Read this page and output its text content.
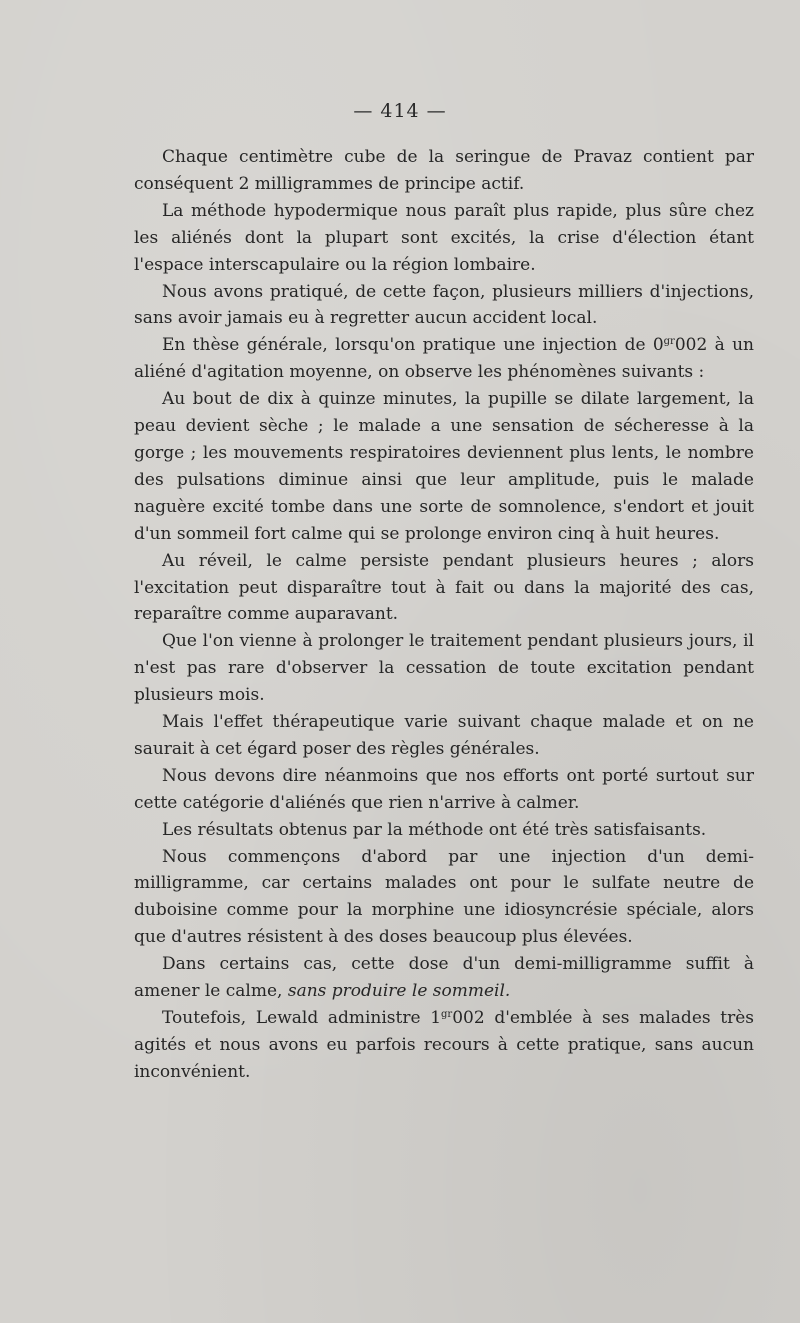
— 414 —

Chaque centimètre cube de la seringue de Pravaz contient par conséquent 2 milligrammes de principe actif.

La méthode hypodermique nous paraît plus rapide, plus sûre chez les aliénés dont la plupart sont excités, la crise d'élection étant l'espace interscapulaire ou la région lombaire.

Nous avons pratiqué, de cette façon, plusieurs milliers d'injections, sans avoir jamais eu à regretter aucun accident local.

En thèse générale, lorsqu'on pratique une injection de $0^{gr}002$ à un aliéné d'agitation moyenne, on observe les phénomènes suivants :

Au bout de dix à quinze minutes, la pupille se dilate largement, la peau devient sèche ; le malade a une sensation de sécheresse à la gorge ; les mouvements respiratoires deviennent plus lents, le nombre des pulsations diminue ainsi que leur amplitude, puis le malade naguère excité tombe dans une sorte de somnolence, s'endort et jouit d'un sommeil fort calme qui se prolonge environ cinq à huit heures.

Au réveil, le calme persiste pendant plusieurs heures ; alors l'excitation peut disparaître tout à fait ou dans la majorité des cas, reparaître comme auparavant.

Que l'on vienne à prolonger le traitement pendant plusieurs jours, il n'est pas rare d'observer la cessation de toute excitation pendant plusieurs mois.

Mais l'effet thérapeutique varie suivant chaque malade et on ne saurait à cet égard poser des règles générales.

Nous devons dire néanmoins que nos efforts ont porté surtout sur cette catégorie d'aliénés que rien n'arrive à calmer.

Les résultats obtenus par la méthode ont été très satisfaisants.

Nous commençons d'abord par une injection d'un demi-milligramme, car certains malades ont pour le sulfate neutre de duboisine comme pour la morphine une idiosyncrésie spéciale, alors que d'autres résistent à des doses beaucoup plus élevées.

Dans certains cas, cette dose d'un demi-milligramme suffit à amener le calme, sans produire le sommeil.

Toutefois, Lewald administre $1^{gr}002$ d'emblée à ses malades très agités et nous avons eu parfois recours à cette pratique, sans aucun inconvénient.
